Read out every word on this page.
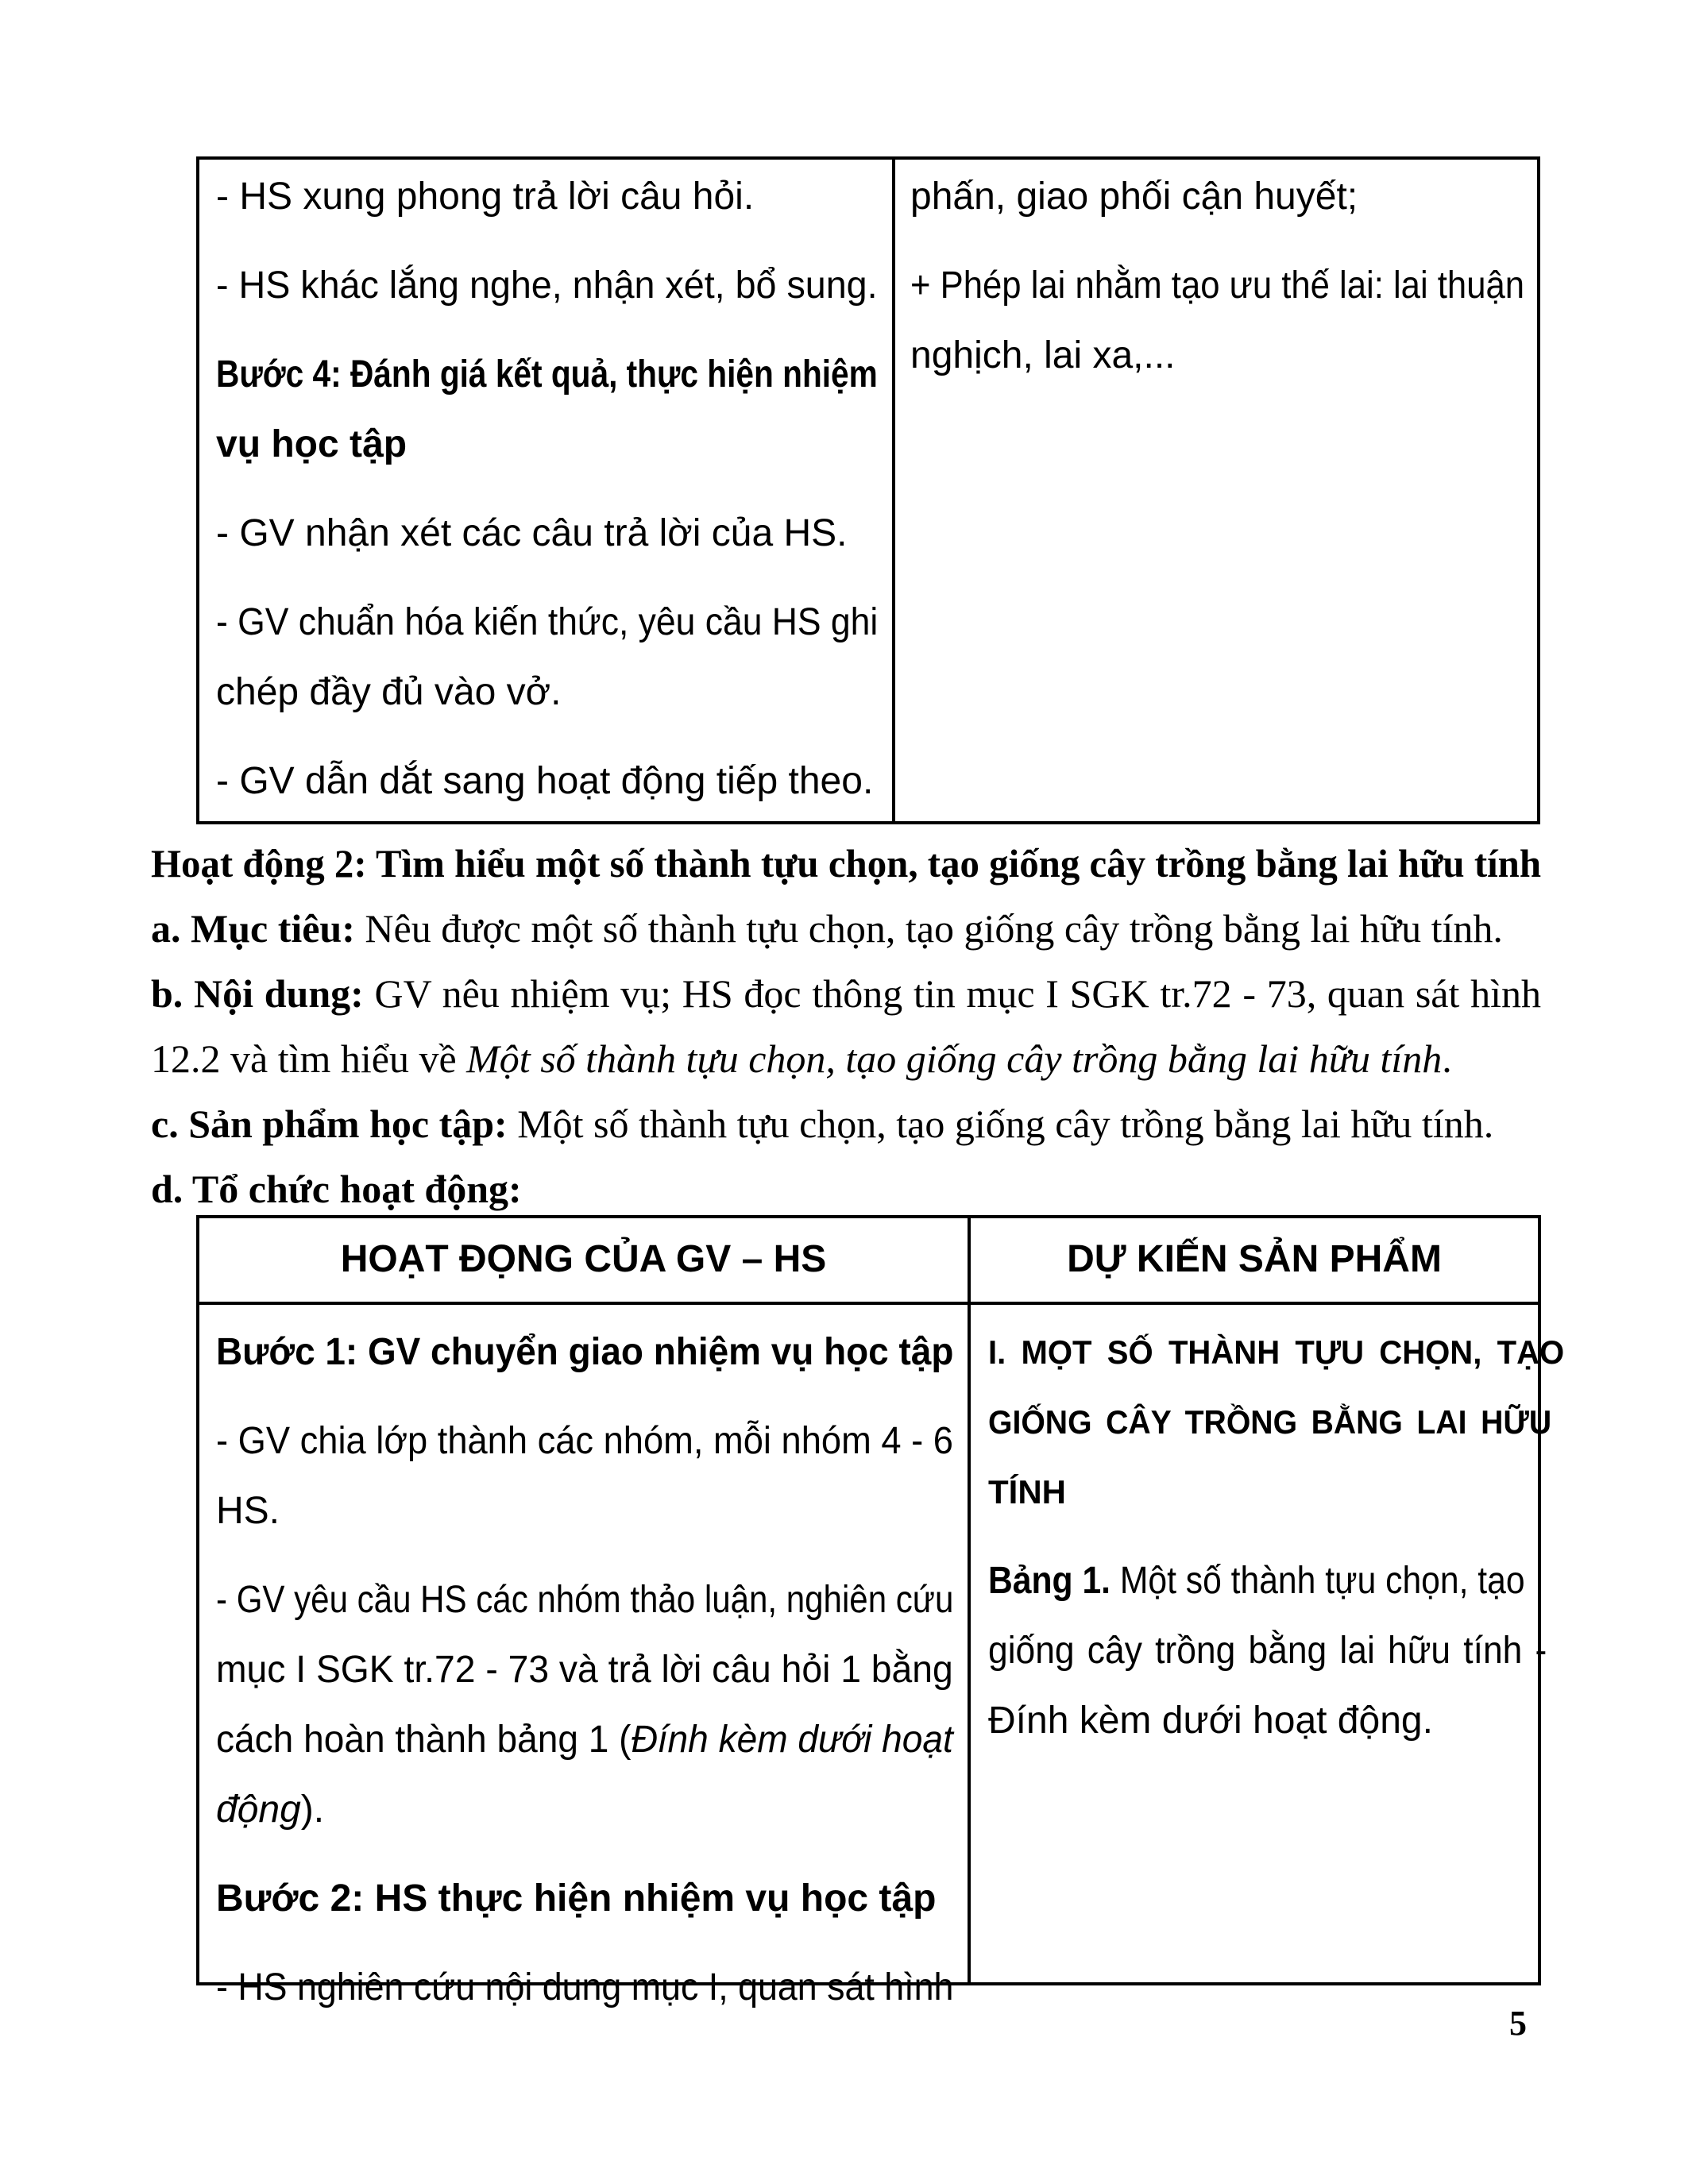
- HS xung phong trả lời câu hỏi.
- HS khác lắng nghe, nhận xét, bổ sung.
Bước 4: Đánh giá kết quả, thực hiện nhiệm
vụ học tập
- GV nhận xét các câu trả lời của HS.
- GV chuẩn hóa kiến thức, yêu cầu HS ghi
chép đầy đủ vào vở.
- GV dẫn dắt sang hoạt động tiếp theo.
phấn, giao phối cận huyết;
+ Phép lai nhằm tạo ưu thế lai: lai thuận
nghịch, lai xa,...
Hoạt động 2: Tìm hiểu một số thành tựu chọn, tạo giống cây trồng bằng lai hữu tính
a. Mục tiêu: Nêu được một số thành tựu chọn, tạo giống cây trồng bằng lai hữu tính.
b. Nội dung: GV nêu nhiệm vụ; HS đọc thông tin mục I SGK tr.72 - 73, quan sát hình
12.2 và tìm hiểu về Một số thành tựu chọn, tạo giống cây trồng bằng lai hữu tính.
c. Sản phẩm học tập: Một số thành tựu chọn, tạo giống cây trồng bằng lai hữu tính.
d. Tổ chức hoạt động:
HOẠT ĐỌNG CỦA GV – HS	DỰ KIẾN SẢN PHẨM
Bước 1: GV chuyển giao nhiệm vụ học tập
- GV chia lớp thành các nhóm, mỗi nhóm 4 - 6
HS.
- GV yêu cầu HS các nhóm thảo luận, nghiên cứu
mục I SGK tr.72 - 73 và trả lời câu hỏi 1 bằng
cách hoàn thành bảng 1 (Đính kèm dưới hoạt
động).
Bước 2: HS thực hiện nhiệm vụ học tập
- HS nghiên cứu nội dung mục I, quan sát hình
I. MỌT SỐ THÀNH TỰU CHỌN, TẠO
GIỐNG CÂY TRỒNG BẰNG LAI HỮU
TÍNH
Bảng 1. Một số thành tựu chọn, tạo
giống cây trồng bằng lai hữu tính -
Đính kèm dưới hoạt động.
5
